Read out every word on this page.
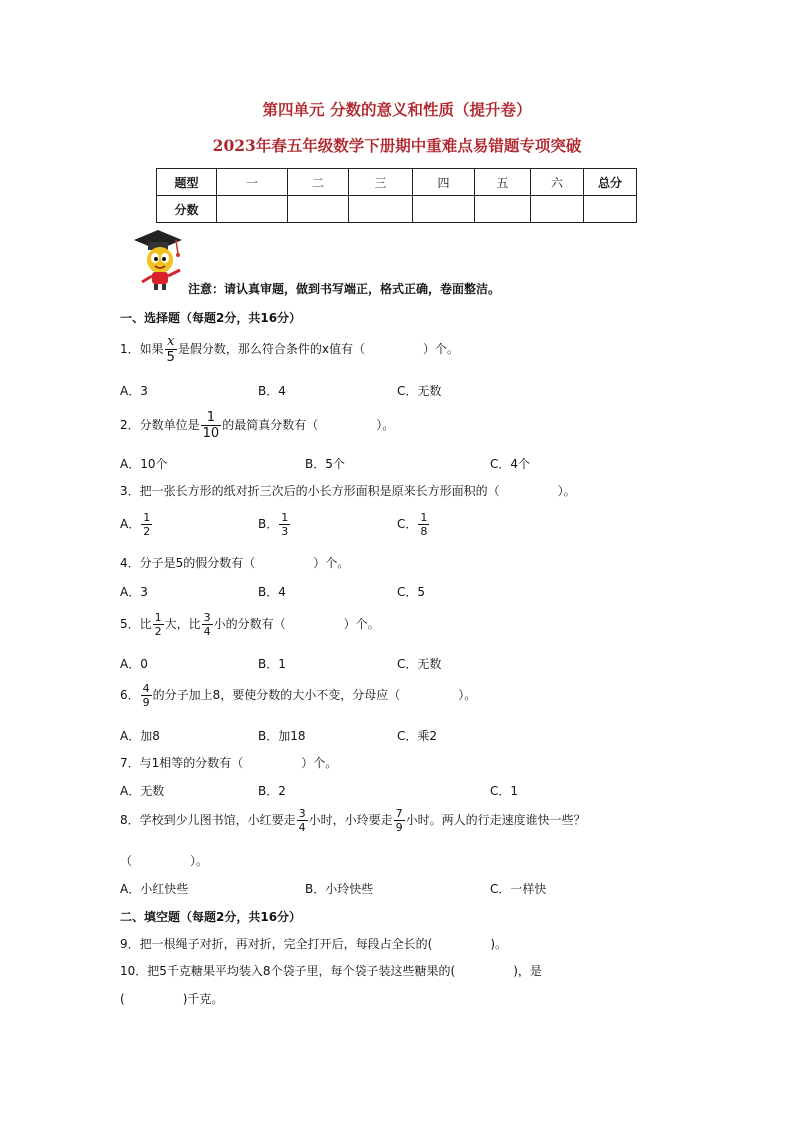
第四单元 分数的意义和性质（提升卷）
2023年春五年级数学下册期中重难点易错题专项突破
题型	一	二	三	四	五	六	总分
分数							
注意：请认真审题，做到书写端正，格式正确，卷面整洁。
一、选择题（每题2分，共16分）
1．如果 $\frac{x}{5}$ 是假分数，那么符合条件的x值有（	）个。
A．3	B．4	C．无数
2．分数单位是 $\frac{1}{10}$ 的最简真分数有（	）。
A．10个	B．5个	C．4个
3．把一张长方形的纸对折三次后的小长方形面积是原来长方形面积的（	）。
A． $\frac{1}{2}$	B． $\frac{1}{3}$	C． $\frac{1}{8}$
4．分子是5的假分数有（	）个。
A．3	B．4	C．5
5．比 $\frac{1}{2}$ 大，比 $\frac{3}{4}$ 小的分数有（	）个。
A．0	B．1	C．无数
6． $\frac{4}{9}$ 的分子加上8，要使分数的大小不变，分母应（	）。
A．加8	B．加18	C．乘2
7．与1相等的分数有（	）个。
A．无数	B．2	C．1
8．学校到少儿图书馆，小红要走 $\frac{3}{4}$ 小时，小玲要走 $\frac{7}{9}$ 小时。两人的行走速度谁快一些？
（	）。
A．小红快些	B．小玲快些	C．一样快
二、填空题（每题2分，共16分）
9．把一根绳子对折，再对折，完全打开后，每段占全长的(	)。
10．把5千克糖果平均装入8个袋子里，每个袋子装这些糖果的(	)，是
(	)千克。
